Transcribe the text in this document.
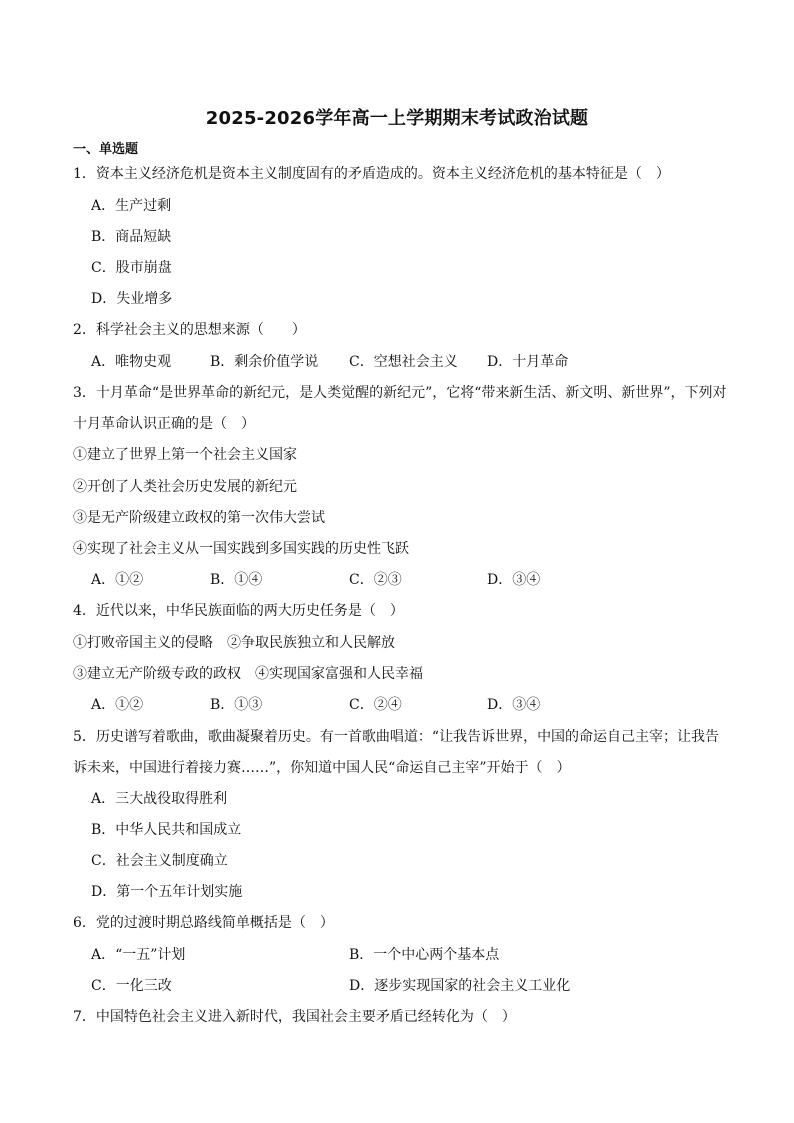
2025-2026学年高一上学期期末考试政治试题
一、单选题
1．资本主义经济危机是资本主义制度固有的矛盾造成的。资本主义经济危机的基本特征是（　）
A．生产过剩
B．商品短缺
C．股市崩盘
D．失业增多
2．科学社会主义的思想来源（　　）
A．唯物史观	B．剩余价值学说 C．空想社会主义 D．十月革命
3．十月革命“是世界革命的新纪元，是人类觉醒的新纪元”，它将“带来新生活、新文明、新世界”，下列对
十月革命认识正确的是（　）
①建立了世界上第一个社会主义国家
②开创了人类社会历史发展的新纪元
③是无产阶级建立政权的第一次伟大尝试
④实现了社会主义从一国实践到多国实践的历史性飞跃
A．①②	B．①④	C．②③	D．③④
4．近代以来，中华民族面临的两大历史任务是（　）
①打败帝国主义的侵略　②争取民族独立和人民解放
③建立无产阶级专政的政权　④实现国家富强和人民幸福
A．①②	B．①③	C．②④	D．③④
5．历史谱写着歌曲，歌曲凝聚着历史。有一首歌曲唱道：“让我告诉世界，中国的命运自己主宰；让我告
诉未来，中国进行着接力赛……”，你知道中国人民“命运自己主宰”开始于（　）
A．三大战役取得胜利
B．中华人民共和国成立
C．社会主义制度确立
D．第一个五年计划实施
6．党的过渡时期总路线简单概括是（　）
A．“一五”计划	B．一个中心两个基本点
C．一化三改	D．逐步实现国家的社会主义工业化
7．中国特色社会主义进入新时代，我国社会主要矛盾已经转化为（　）
